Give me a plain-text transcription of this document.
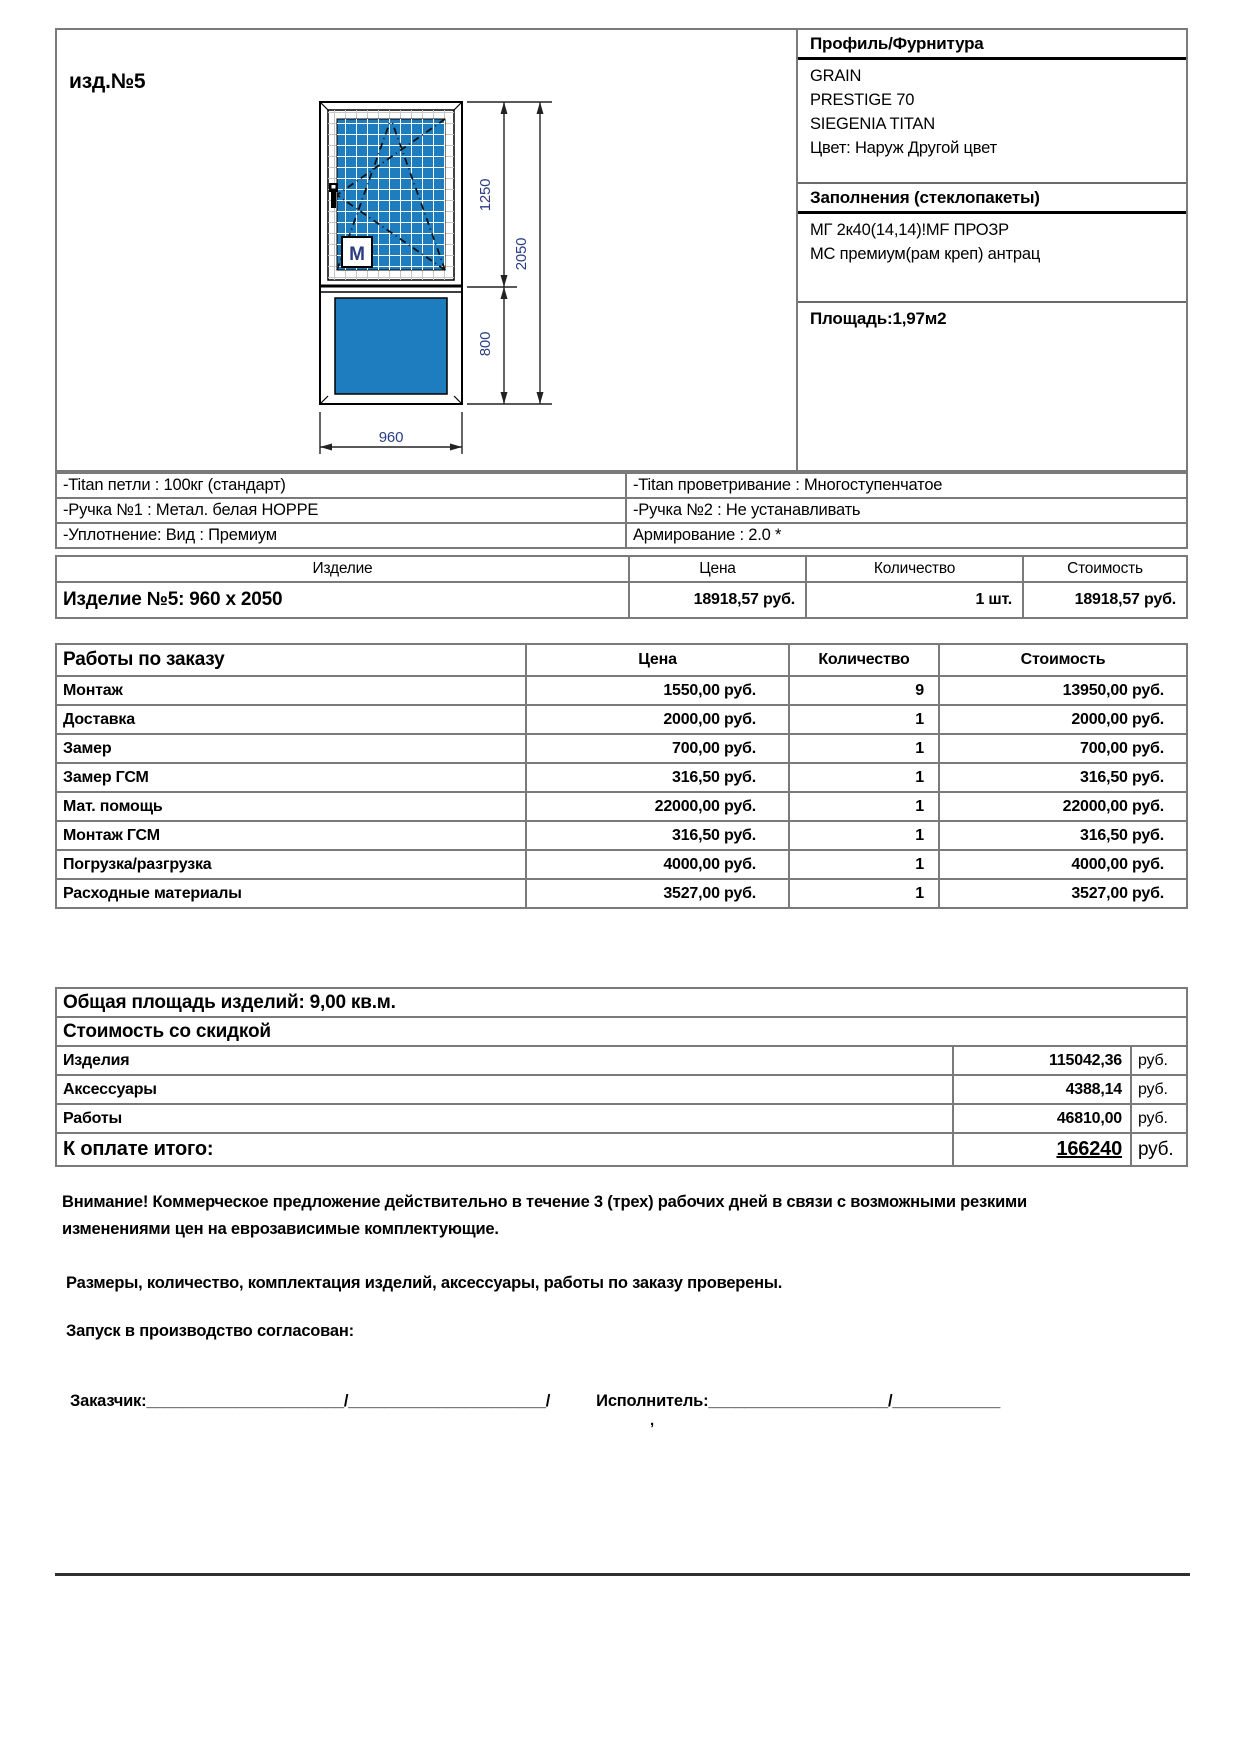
изд.№5
M
1250
2050
800
960
Профиль/Фурнитура
GRAIN
PRESTIGE 70
SIEGENIA TITAN
Цвет: Наруж Другой цвет
Заполнения (стеклопакеты)
МГ 2к40(14,14)!MF ПРОЗР
МС премиум(рам креп) антрац
Площадь:1,97м2
-Titan петли : 100кг (стандарт)	-Titan проветривание : Многоступенчатое
-Ручка №1 : Метал. белая HOPPE	-Ручка №2 : Не устанавливать
-Уплотнение: Вид : Премиум	Армирование : 2.0 *
Изделие	Цена	Количество	Стоимость
Изделие №5: 960 x 2050	18918,57 руб.	1 шт.	18918,57 руб.
Работы по заказу	Цена	Количество	Стоимость
Монтаж	1550,00 руб.	9	13950,00 руб.
Доставка	2000,00 руб.	1	2000,00 руб.
Замер	700,00 руб.	1	700,00 руб.
Замер ГСМ	316,50 руб.	1	316,50 руб.
Мат. помощь	22000,00 руб.	1	22000,00 руб.
Монтаж ГСМ	316,50 руб.	1	316,50 руб.
Погрузка/разгрузка	4000,00 руб.	1	4000,00 руб.
Расходные материалы	3527,00 руб.	1	3527,00 руб.
Общая площадь изделий: 9,00 кв.м.		
Стоимость со скидкой		
Изделия	115042,36	руб.
Аксессуары	4388,14	руб.
Работы	46810,00	руб.
К оплате итого:	166240	руб.
Внимание! Коммерческое предложение действительно в течение 3 (трех) рабочих дней в связи с возможными резкими изменениями цен на еврозависимые комплектующие.
Размеры, количество, комплектация изделий, аксессуары, работы по заказу проверены.
Запуск в производство согласован:
Заказчик:______________________/______________________/	Исполнитель:____________________/____________
,
